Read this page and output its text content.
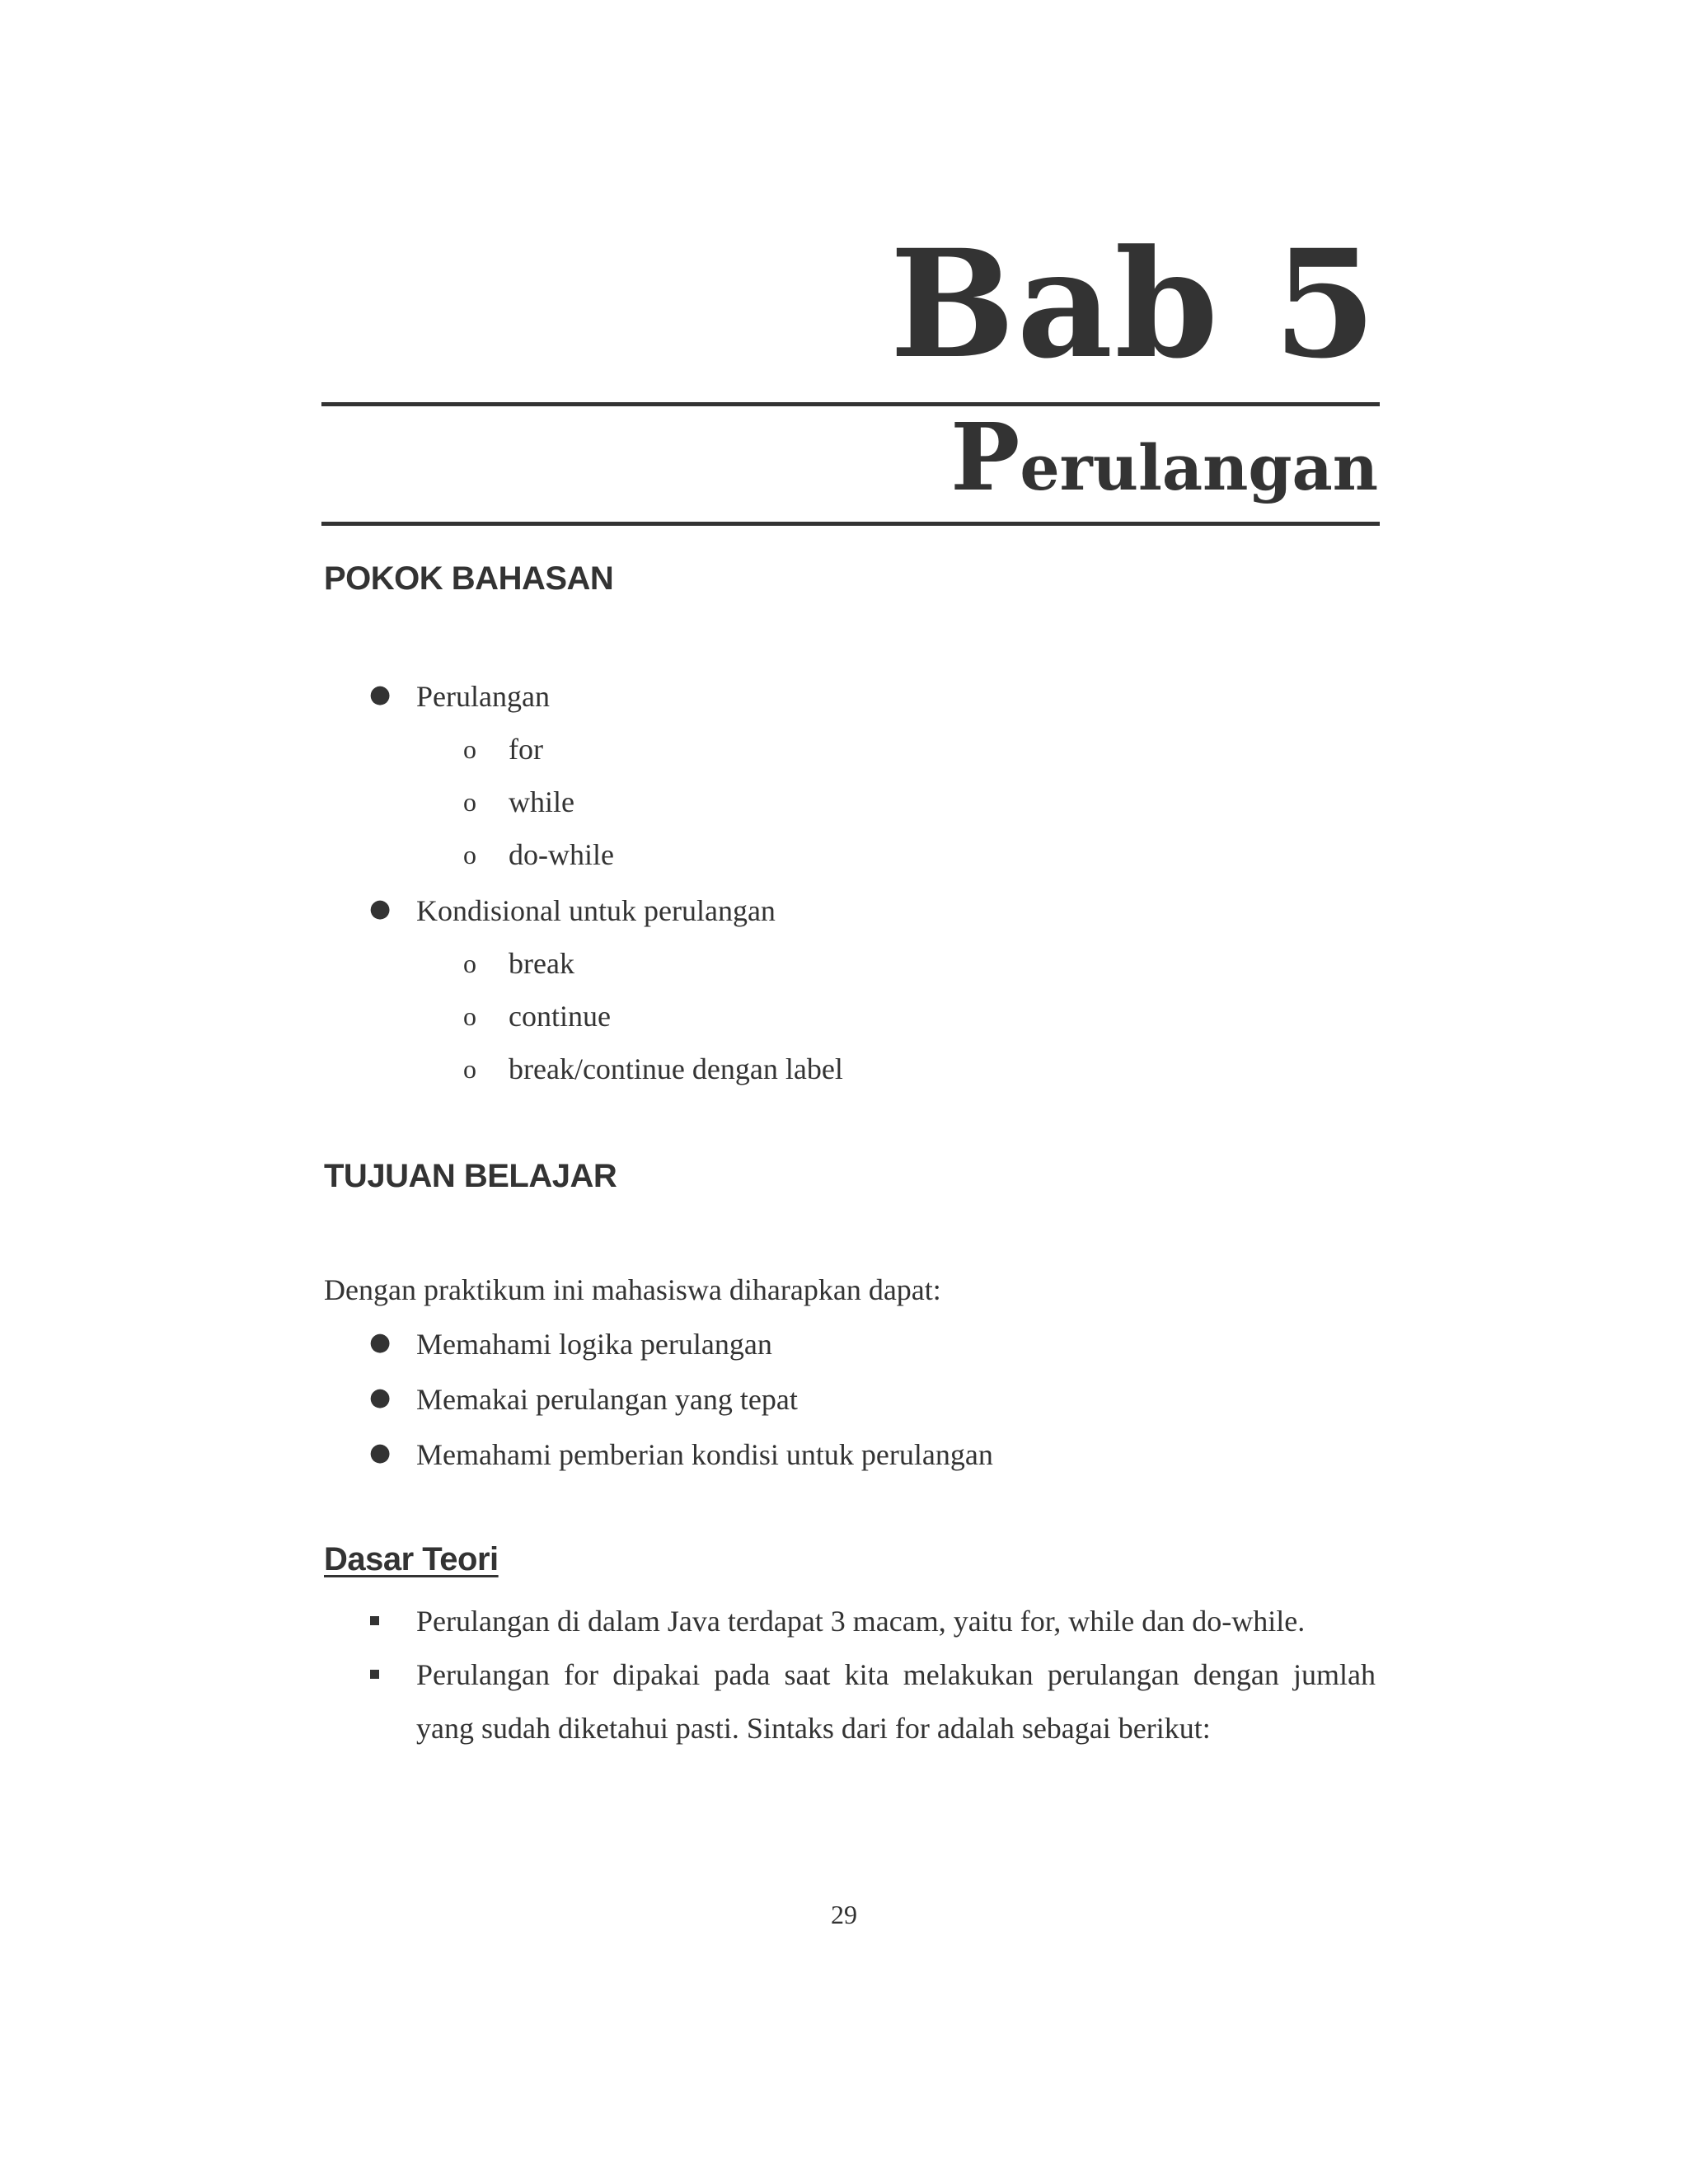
Bab 5
Perulangan
POKOK BAHASAN
● Perulangan
o for
o while
o do-while
● Kondisional untuk perulangan
o break
o continue
o break/continue dengan label
TUJUAN BELAJAR
Dengan praktikum ini mahasiswa diharapkan dapat:
● Memahami logika perulangan
● Memakai perulangan yang tepat
● Memahami pemberian kondisi untuk perulangan
Dasar Teori
Perulangan di dalam Java terdapat 3 macam, yaitu for, while dan do-while.
Perulangan for dipakai pada saat kita melakukan perulangan dengan jumlah
yang sudah diketahui pasti. Sintaks dari for adalah sebagai berikut:
29
